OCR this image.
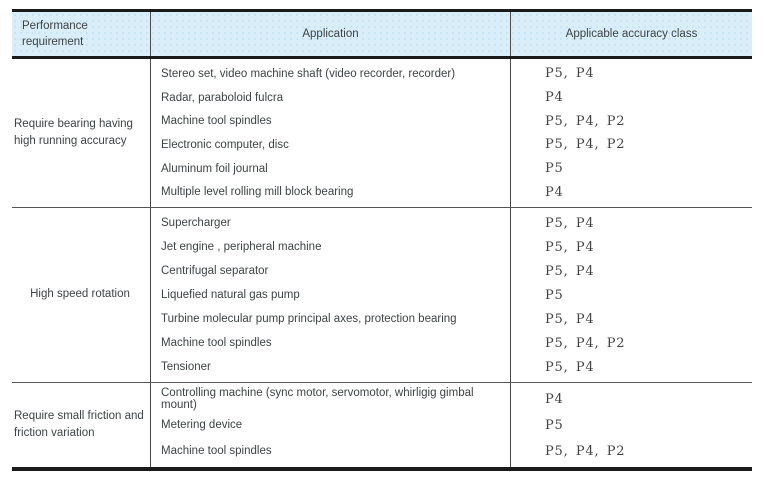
Performance requirement
Application	Applicable accuracy class
Require bearing having high running accuracy
Stereo set, video machine shaft (video recorder, recorder)
Radar, paraboloid fulcra
Machine tool spindles
Electronic computer, disc
Aluminum foil journal
Multiple level rolling mill block bearing
P5, P4
P4
P5, P4, P2
P5, P4, P2
P5
P4
High speed rotation
Supercharger
Jet engine , peripheral machine
Centrifugal separator
Liquefied natural gas pump
Turbine molecular pump principal axes, protection bearing
Machine tool spindles
Tensioner
P5, P4
P5, P4
P5, P4
P5
P5, P4
P5, P4, P2
P5, P4
Require small friction and friction variation
Controlling machine (sync motor, servomotor, whirligig gimbal mount)
Metering device
Machine tool spindles
P4
P5
P5, P4, P2
